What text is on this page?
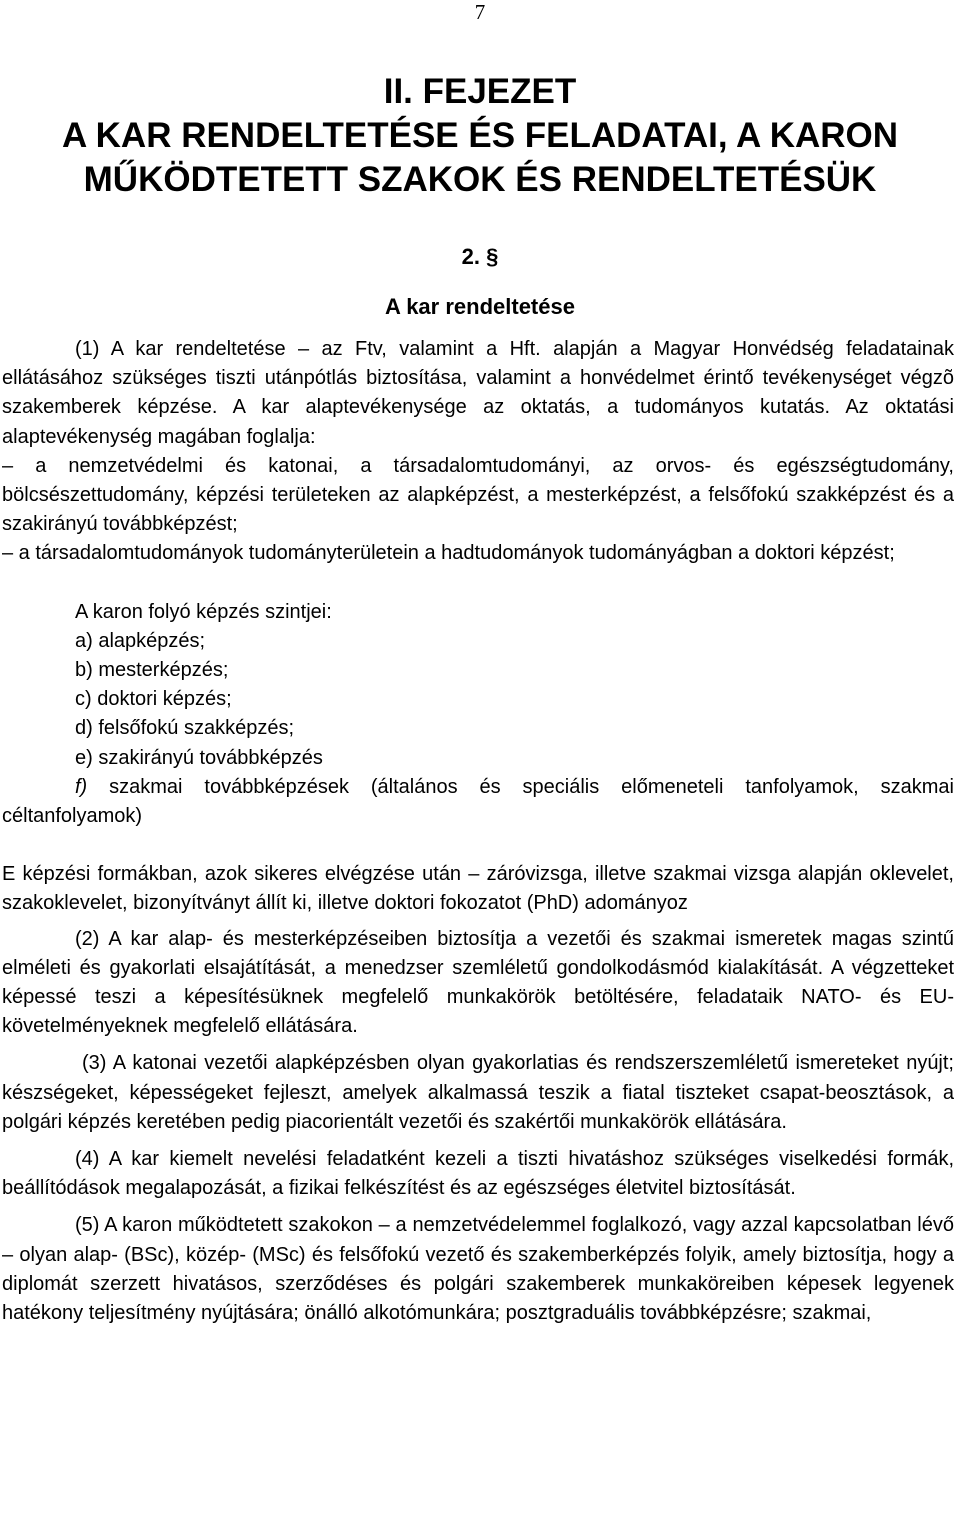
7
II. FEJEZET
A KAR RENDELTETÉSE ÉS FELADATAI, A KARON
MŰKÖDTETETT SZAKOK ÉS RENDELTETÉSÜK
2. §
A kar rendeltetése

(1) A kar rendeltetése – az Ftv, valamint a Hft. alapján a Magyar Honvédség feladatainak ellátásához szükséges tiszti utánpótlás biztosítása, valamint a honvédelmet érintő tevékenységet végzõ szakemberek képzése. A kar alaptevékenysége az oktatás, a tudományos kutatás. Az oktatási alaptevékenység magában foglalja:

– a nemzetvédelmi és katonai, a társadalomtudományi, az orvos- és egészségtudomány, bölcsészettudomány, képzési területeken az alapképzést, a mesterképzést, a felsőfokú szakképzést és a szakirányú továbbképzést;

– a társadalomtudományok tudományterületein a hadtudományok tudományágban a doktori képzést;

A karon folyó képzés szintjei:
a) alapképzés;
b) mesterképzés;
c) doktori képzés;
d) felsőfokú szakképzés;
e) szakirányú továbbképzés

f) szakmai továbbképzések (általános és speciális előmeneteli tanfolyamok, szakmai céltanfolyamok)

E képzési formákban, azok sikeres elvégzése után – záróvizsga, illetve szakmai vizsga alapján oklevelet, szakoklevelet, bizonyítványt állít ki, illetve doktori fokozatot (PhD) adományoz

(2) A kar alap- és mesterképzéseiben biztosítja a vezetői és szakmai ismeretek magas szintű elméleti és gyakorlati elsajátítását, a menedzser szemléletű gondolkodásmód kialakítását. A végzetteket képessé teszi a képesítésüknek megfelelő munkakörök betöltésére, feladataik NATO- és EU-követelményeknek megfelelő ellátására.

(3) A katonai vezetői alapképzésben olyan gyakorlatias és rendszerszemléletű ismereteket nyújt; készségeket, képességeket fejleszt, amelyek alkalmassá teszik a fiatal tiszteket csapat-beosztások, a polgári képzés keretében pedig piacorientált vezetői és szakértői munkakörök ellátására.

(4) A kar kiemelt nevelési feladatként kezeli a tiszti hivatáshoz szükséges viselkedési formák, beállítódások megalapozását, a fizikai felkészítést és az egészséges életvitel biztosítását.

(5) A karon működtetett szakokon – a nemzetvédelemmel foglalkozó, vagy azzal kapcsolatban lévő – olyan alap- (BSc), közép- (MSc) és felsőfokú vezető és szakemberképzés folyik, amely biztosítja, hogy a diplomát szerzett hivatásos, szerződéses és polgári szakemberek munkaköreiben képesek legyenek hatékony teljesítmény nyújtására; önálló alkotómunkára; posztgraduális továbbképzésre; szakmai,
